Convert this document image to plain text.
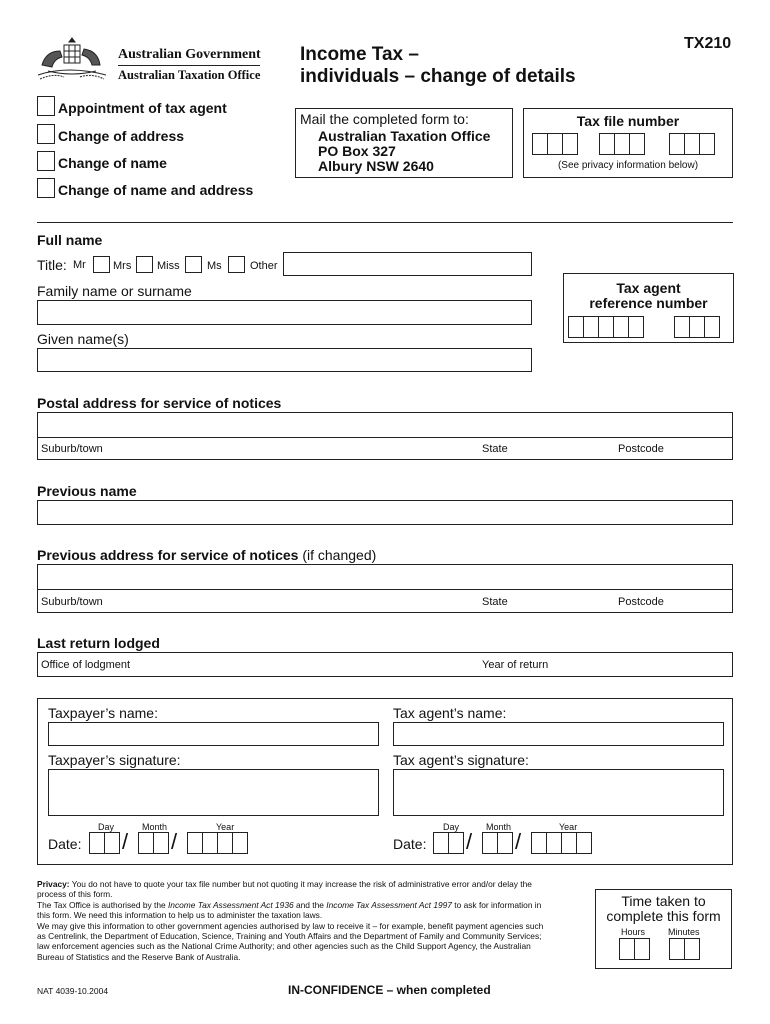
Australian Government
Australian Taxation Office
Income Tax –
individuals – change of details
TX210
Appointment of tax agent
Change of address
Change of name
Change of name and address
Mail the completed form to:
Australian Taxation Office
PO Box 327
Albury NSW 2640
Tax file number
(See privacy information below)
Full name
Title: Mr Mrs Miss Ms	Other
Family name or surname
Given name(s)
Tax agent
reference number
Postal address for service of notices
Suburb/town	State	Postcode
Previous name
Previous address for service of notices (if changed)
Suburb/town	State	Postcode
Last return lodged
Office of lodgment	Year of return
Taxpayer’s name:	Tax agent’s name:
Taxpayer’s signature:	Tax agent’s signature:
Day	Month	Year
Date: / /
Day	Month	Year
Date: / /
Privacy: You do not have to quote your tax file number but not quoting it may increase the risk of administrative error and/or delay the process of this form.
The Tax Office is authorised by the Income Tax Assessment Act 1936 and the Income Tax Assessment Act 1997 to ask for information in this form. We need this information to help us to administer the taxation laws.
We may give this information to other government agencies authorised by law to receive it – for example, benefit payment agencies such as Centrelink, the Department of Education, Science, Training and Youth Affairs and the Department of Family and Community Services; law enforcement agencies such as the National Crime Authority; and other agencies such as the Child Support Agency, the Australian Bureau of Statistics and the Reserve Bank of Australia.
Time taken to
complete this form
Hours	Minutes
NAT 4039-10.2004	IN-CONFIDENCE – when completed
